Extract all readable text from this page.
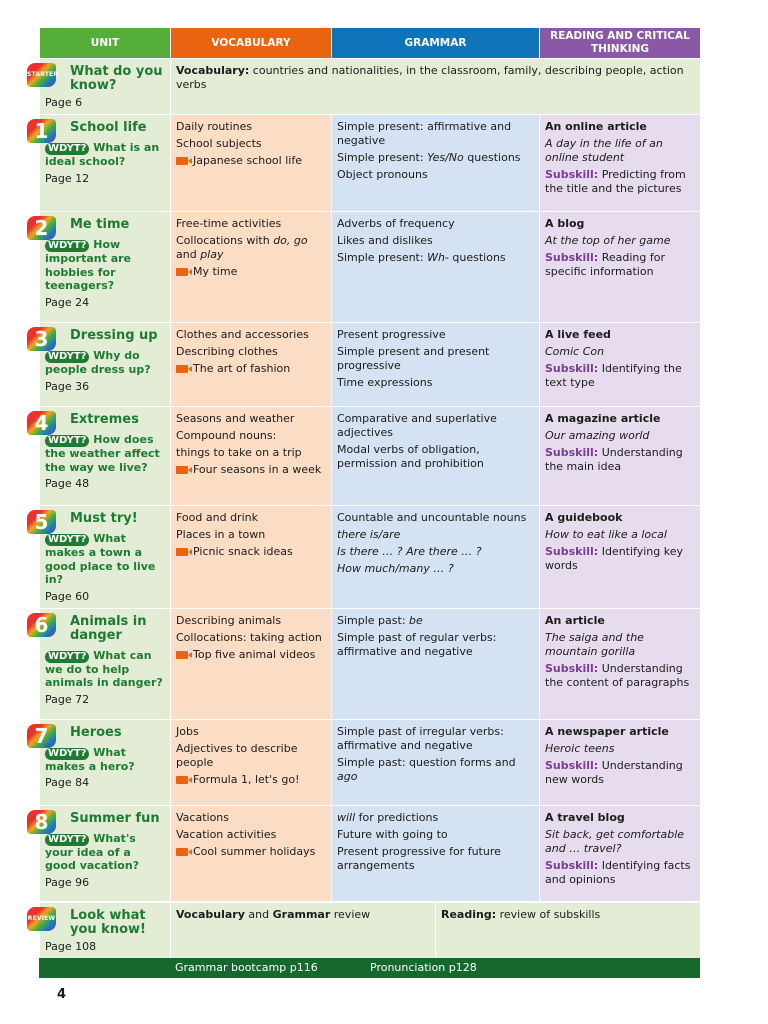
UNIT	VOCABULARY	GRAMMAR	READING AND CRITICAL THINKING

STARTER What do you know?
Page 6	Vocabulary: countries and nationalities, in the classroom, family, describing people, action verbs		

1 School life
WDYT? What is an ideal school?
Page 12	Daily routines
School subjects
Japanese school life	Simple present: affirmative and negative
Simple present: Yes/No questions
Object pronouns	An online article
A day in the life of an online student
Subskill: Predicting from the title and the pictures

2 Me time
WDYT? How important are hobbies for teenagers?
Page 24	Free-time activities
Collocations with do, go and play
My time	Adverbs of frequency
Likes and dislikes
Simple present: Wh- questions	A blog
At the top of her game
Subskill: Reading for specific information

3 Dressing up
WDYT? Why do people dress up?
Page 36	Clothes and accessories
Describing clothes
The art of fashion	Present progressive
Simple present and present progressive
Time expressions	A live feed
Comic Con
Subskill: Identifying the text type

4 Extremes
WDYT? How does the weather affect the way we live?
Page 48	Seasons and weather
Compound nouns:
things to take on a trip
Four seasons in a week	Comparative and superlative adjectives
Modal verbs of obligation, permission and prohibition	A magazine article
Our amazing world
Subskill: Understanding the main idea

5 Must try!
WDYT? What makes a town a good place to live in?
Page 60	Food and drink
Places in a town
Picnic snack ideas	Countable and uncountable nouns
there is/are
Is there … ? Are there … ?
How much/many … ?	A guidebook
How to eat like a local
Subskill: Identifying key words

6 Animals in danger
WDYT? What can we do to help animals in danger?
Page 72	Describing animals
Collocations: taking action
Top five animal videos	Simple past: be
Simple past of regular verbs: affirmative and negative	An article
The saiga and the mountain gorilla
Subskill: Understanding the content of paragraphs

7 Heroes
WDYT? What makes a hero?
Page 84	Jobs
Adjectives to describe people
Formula 1, let's go!	Simple past of irregular verbs: affirmative and negative
Simple past: question forms and ago	A newspaper article
Heroic teens
Subskill: Understanding new words

8 Summer fun
WDYT? What's your idea of a good vacation?
Page 96	Vacations
Vacation activities
Cool summer holidays	will for predictions
Future with going to
Present progressive for future arrangements	A travel blog
Sit back, get comfortable and … travel?
Subskill: Identifying facts and opinions
REVIEW Look what you know!
Page 108
	Vocabulary and Grammar review	Reading: review of subskills
Grammar bootcamp p116	Pronunciation p128
4
